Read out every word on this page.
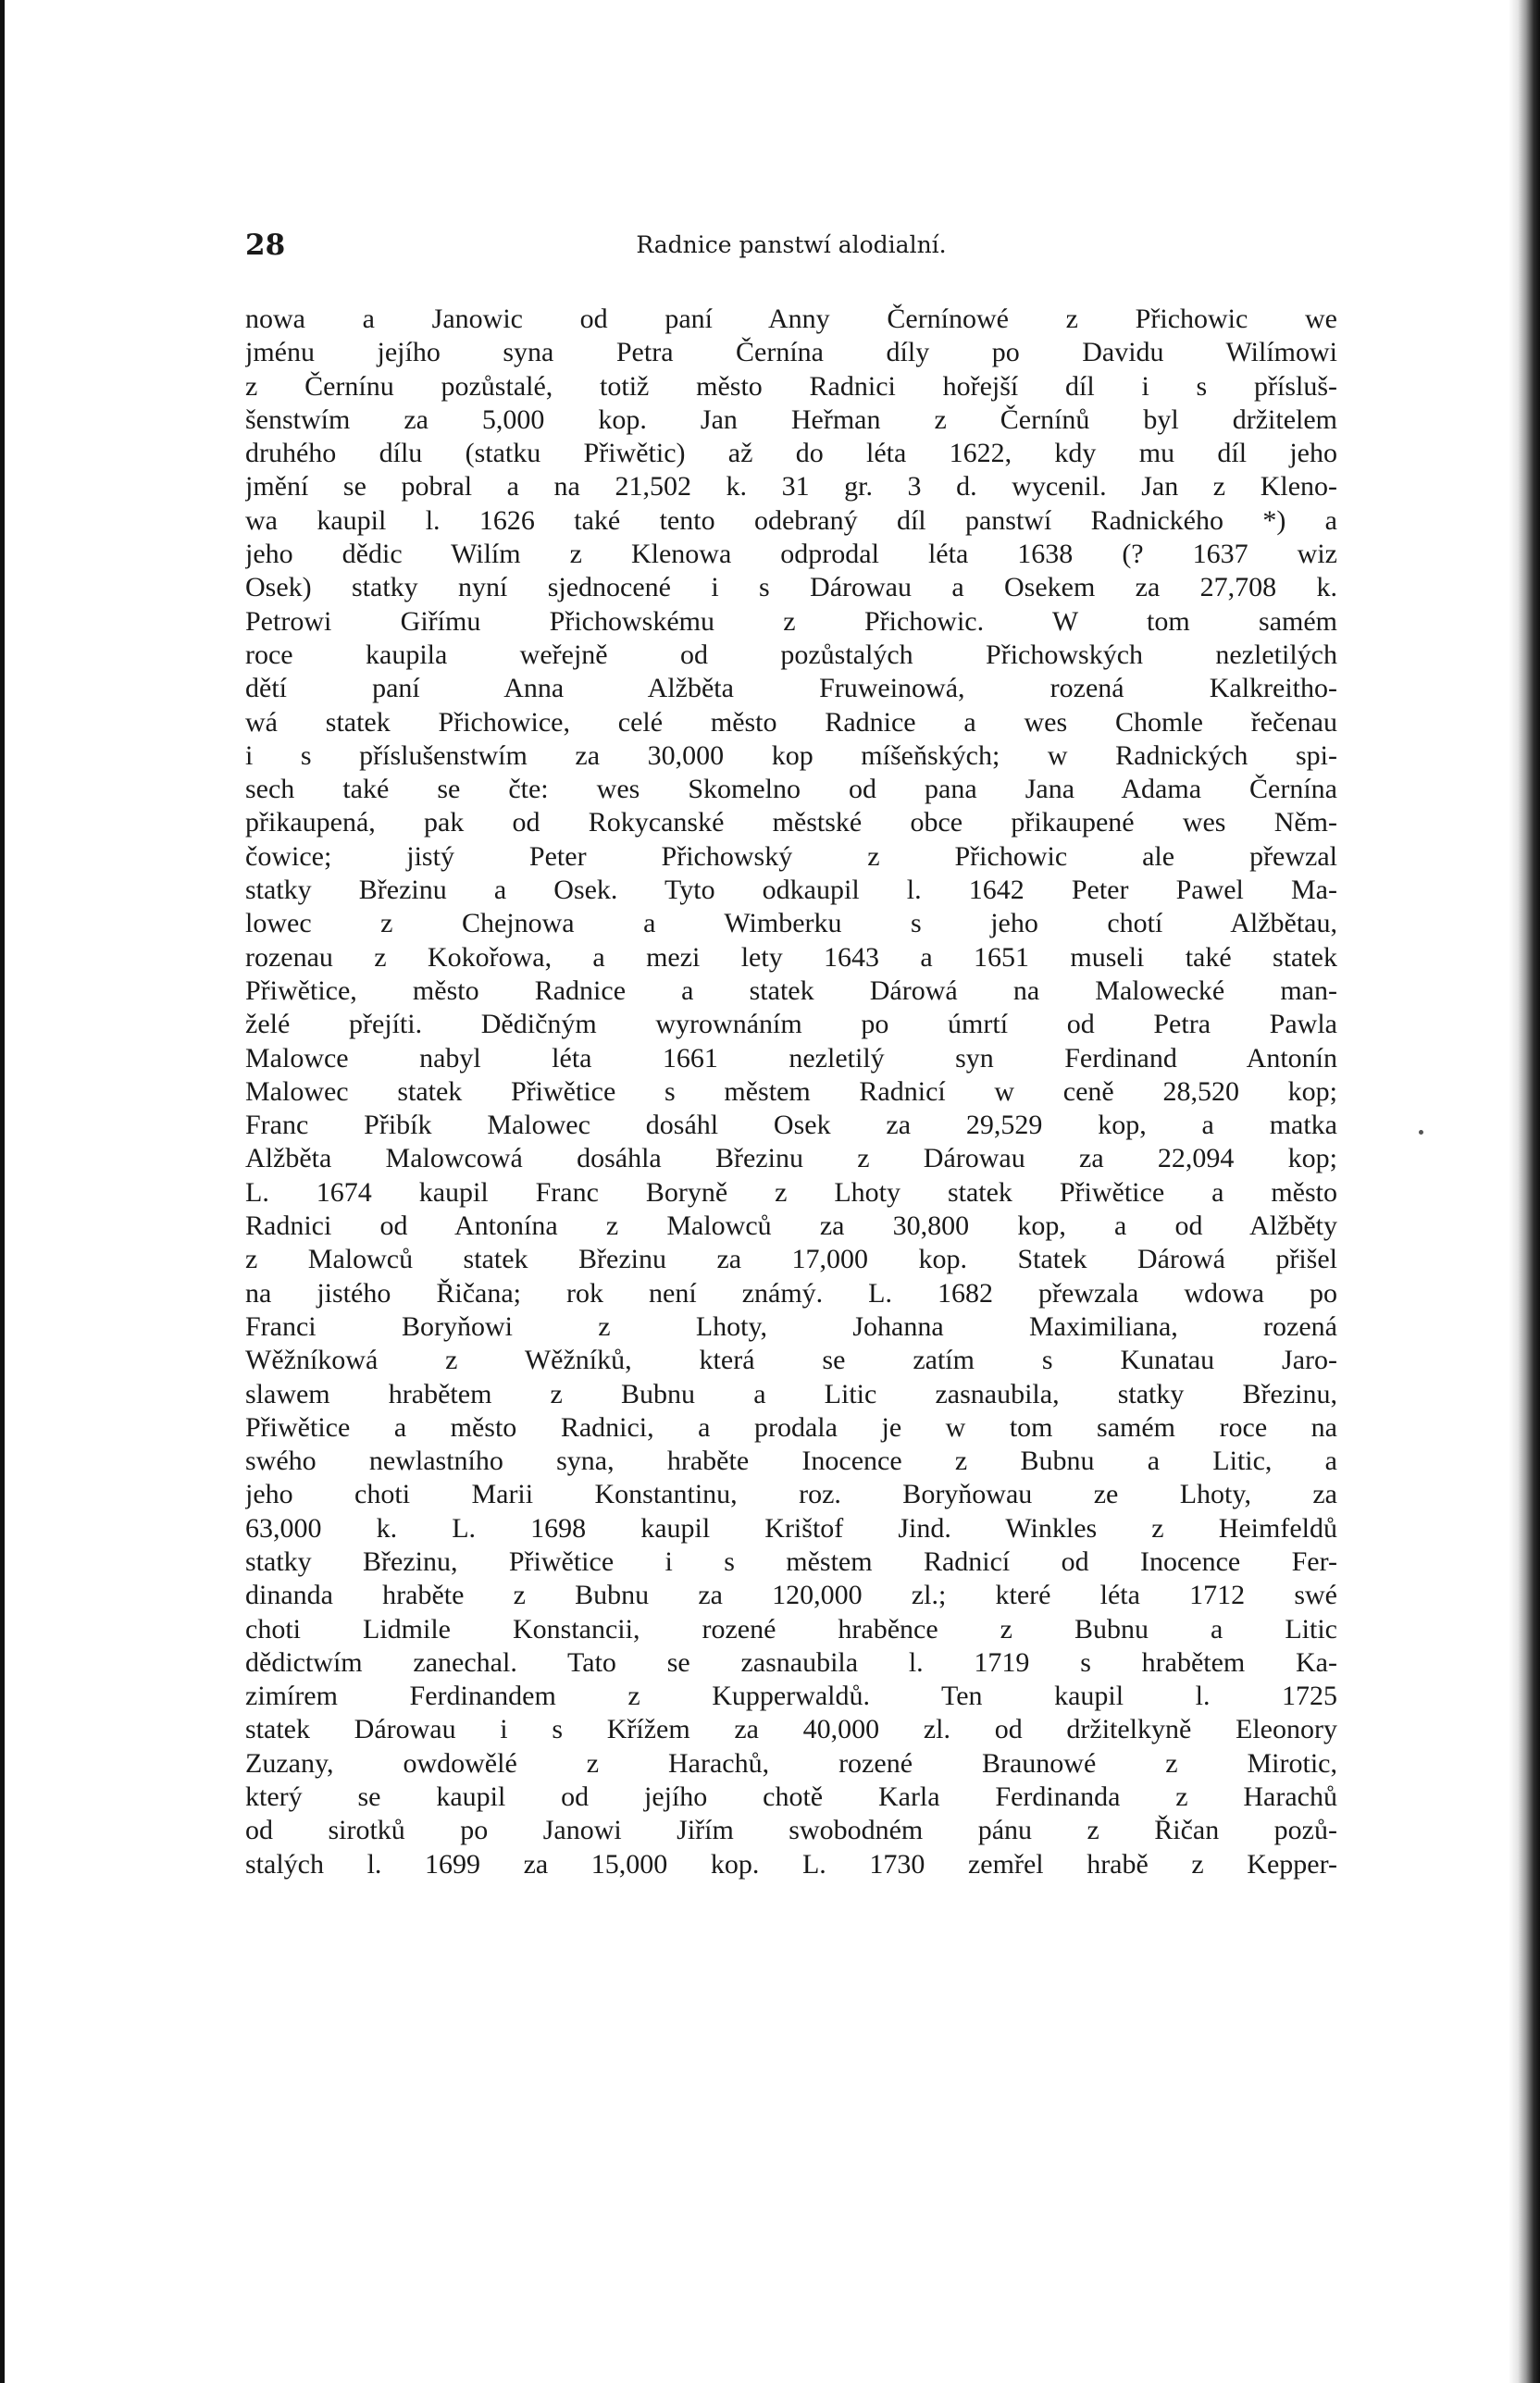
28	Radnice panstwí alodialní.
nowa a Janowic od paní Anny Černínowé z Přichowic we
jménu jejího syna Petra Černína díly po Davidu Wilímowi
z Černínu pozůstalé, totiž město Radnici hořejší díl i s přísluš-
šenstwím za 5,000 kop. Jan Heřman z Černínů byl držitelem
druhého dílu (statku Přiwětic) až do léta 1622, kdy mu díl jeho
jmění se pobral a na 21,502 k. 31 gr. 3 d. wycenil. Jan z Kleno-
wa kaupil l. 1626 také tento odebraný díl panstwí Radnického *) a
jeho dědic Wilím z Klenowa odprodal léta 1638 (? 1637 wiz
Osek) statky nyní sjednocené i s Dárowau a Osekem za 27,708 k.
Petrowi Giřímu Přichowskému z Přichowic. W tom samém
roce kaupila weřejně od pozůstalých Přichowských nezletilých
dětí paní Anna Alžběta Fruweinowá, rozená Kalkreitho-
wá statek Přichowice, celé město Radnice a wes Chomle řečenau
i s příslušenstwím za 30,000 kop míšeňských; w Radnických spi-
sech také se čte: wes Skomelno od pana Jana Adama Černína
přikaupená, pak od Rokycanské městské obce přikaupené wes Něm-
čowice; jistý Peter Přichowský z Přichowic ale přewzal
statky Březinu a Osek. Tyto odkaupil l. 1642 Peter Pawel Ma-
lowec z Chejnowa a Wimberku s jeho chotí Alžbětau,
rozenau z Kokořowa, a mezi lety 1643 a 1651 museli také statek
Přiwětice, město Radnice a statek Dárowá na Malowecké man-
želé přejíti. Dědičným wyrownáním po úmrtí od Petra Pawla
Malowce nabyl léta 1661 nezletilý syn Ferdinand Antonín
Malowec statek Přiwětice s městem Radnicí w ceně 28,520 kop;
Franc Přibík Malowec dosáhl Osek za 29,529 kop, a matka
Alžběta Malowcowá dosáhla Březinu z Dárowau za 22,094 kop;
L. 1674 kaupil Franc Boryně z Lhoty statek Přiwětice a město
Radnici od Antonína z Malowců za 30,800 kop, a od Alžběty
z Malowců statek Březinu za 17,000 kop. Statek Dárowá přišel
na jistého Řičana; rok není známý. L. 1682 přewzala wdowa po
Franci Boryňowi z Lhoty, Johanna Maximiliana, rozená
Wěžníkowá z Wěžníků, která se zatím s Kunatau Jaro-
slawem hrabětem z Bubnu a Litic zasnaubila, statky Březinu,
Přiwětice a město Radnici, a prodala je w tom samém roce na
swého newlastního syna, hraběte Inocence z Bubnu a Litic, a
jeho choti Marii Konstantinu, roz. Boryňowau ze Lhoty, za
63,000 k. L. 1698 kaupil Krištof Jind. Winkles z Heimfeldů
statky Březinu, Přiwětice i s městem Radnicí od Inocence Fer-
dinanda hraběte z Bubnu za 120,000 zl.; které léta 1712 swé
choti Lidmile Konstancii, rozené hraběnce z Bubnu a Litic
dědictwím zanechal. Tato se zasnaubila l. 1719 s hrabětem Ka-
zimírem Ferdinandem z Kupperwaldů. Ten kaupil l. 1725
statek Dárowau i s Křížem za 40,000 zl. od držitelkyně Eleonory
Zuzany, owdowělé z Harachů, rozené Braunowé z Mirotic,
který se kaupil od jejího chotě Karla Ferdinanda z Harachů
od sirotků po Janowi Jiřím swobodném pánu z Řičan pozů-
stalých l. 1699 za 15,000 kop. L. 1730 zemřel hrabě z Kepper-
